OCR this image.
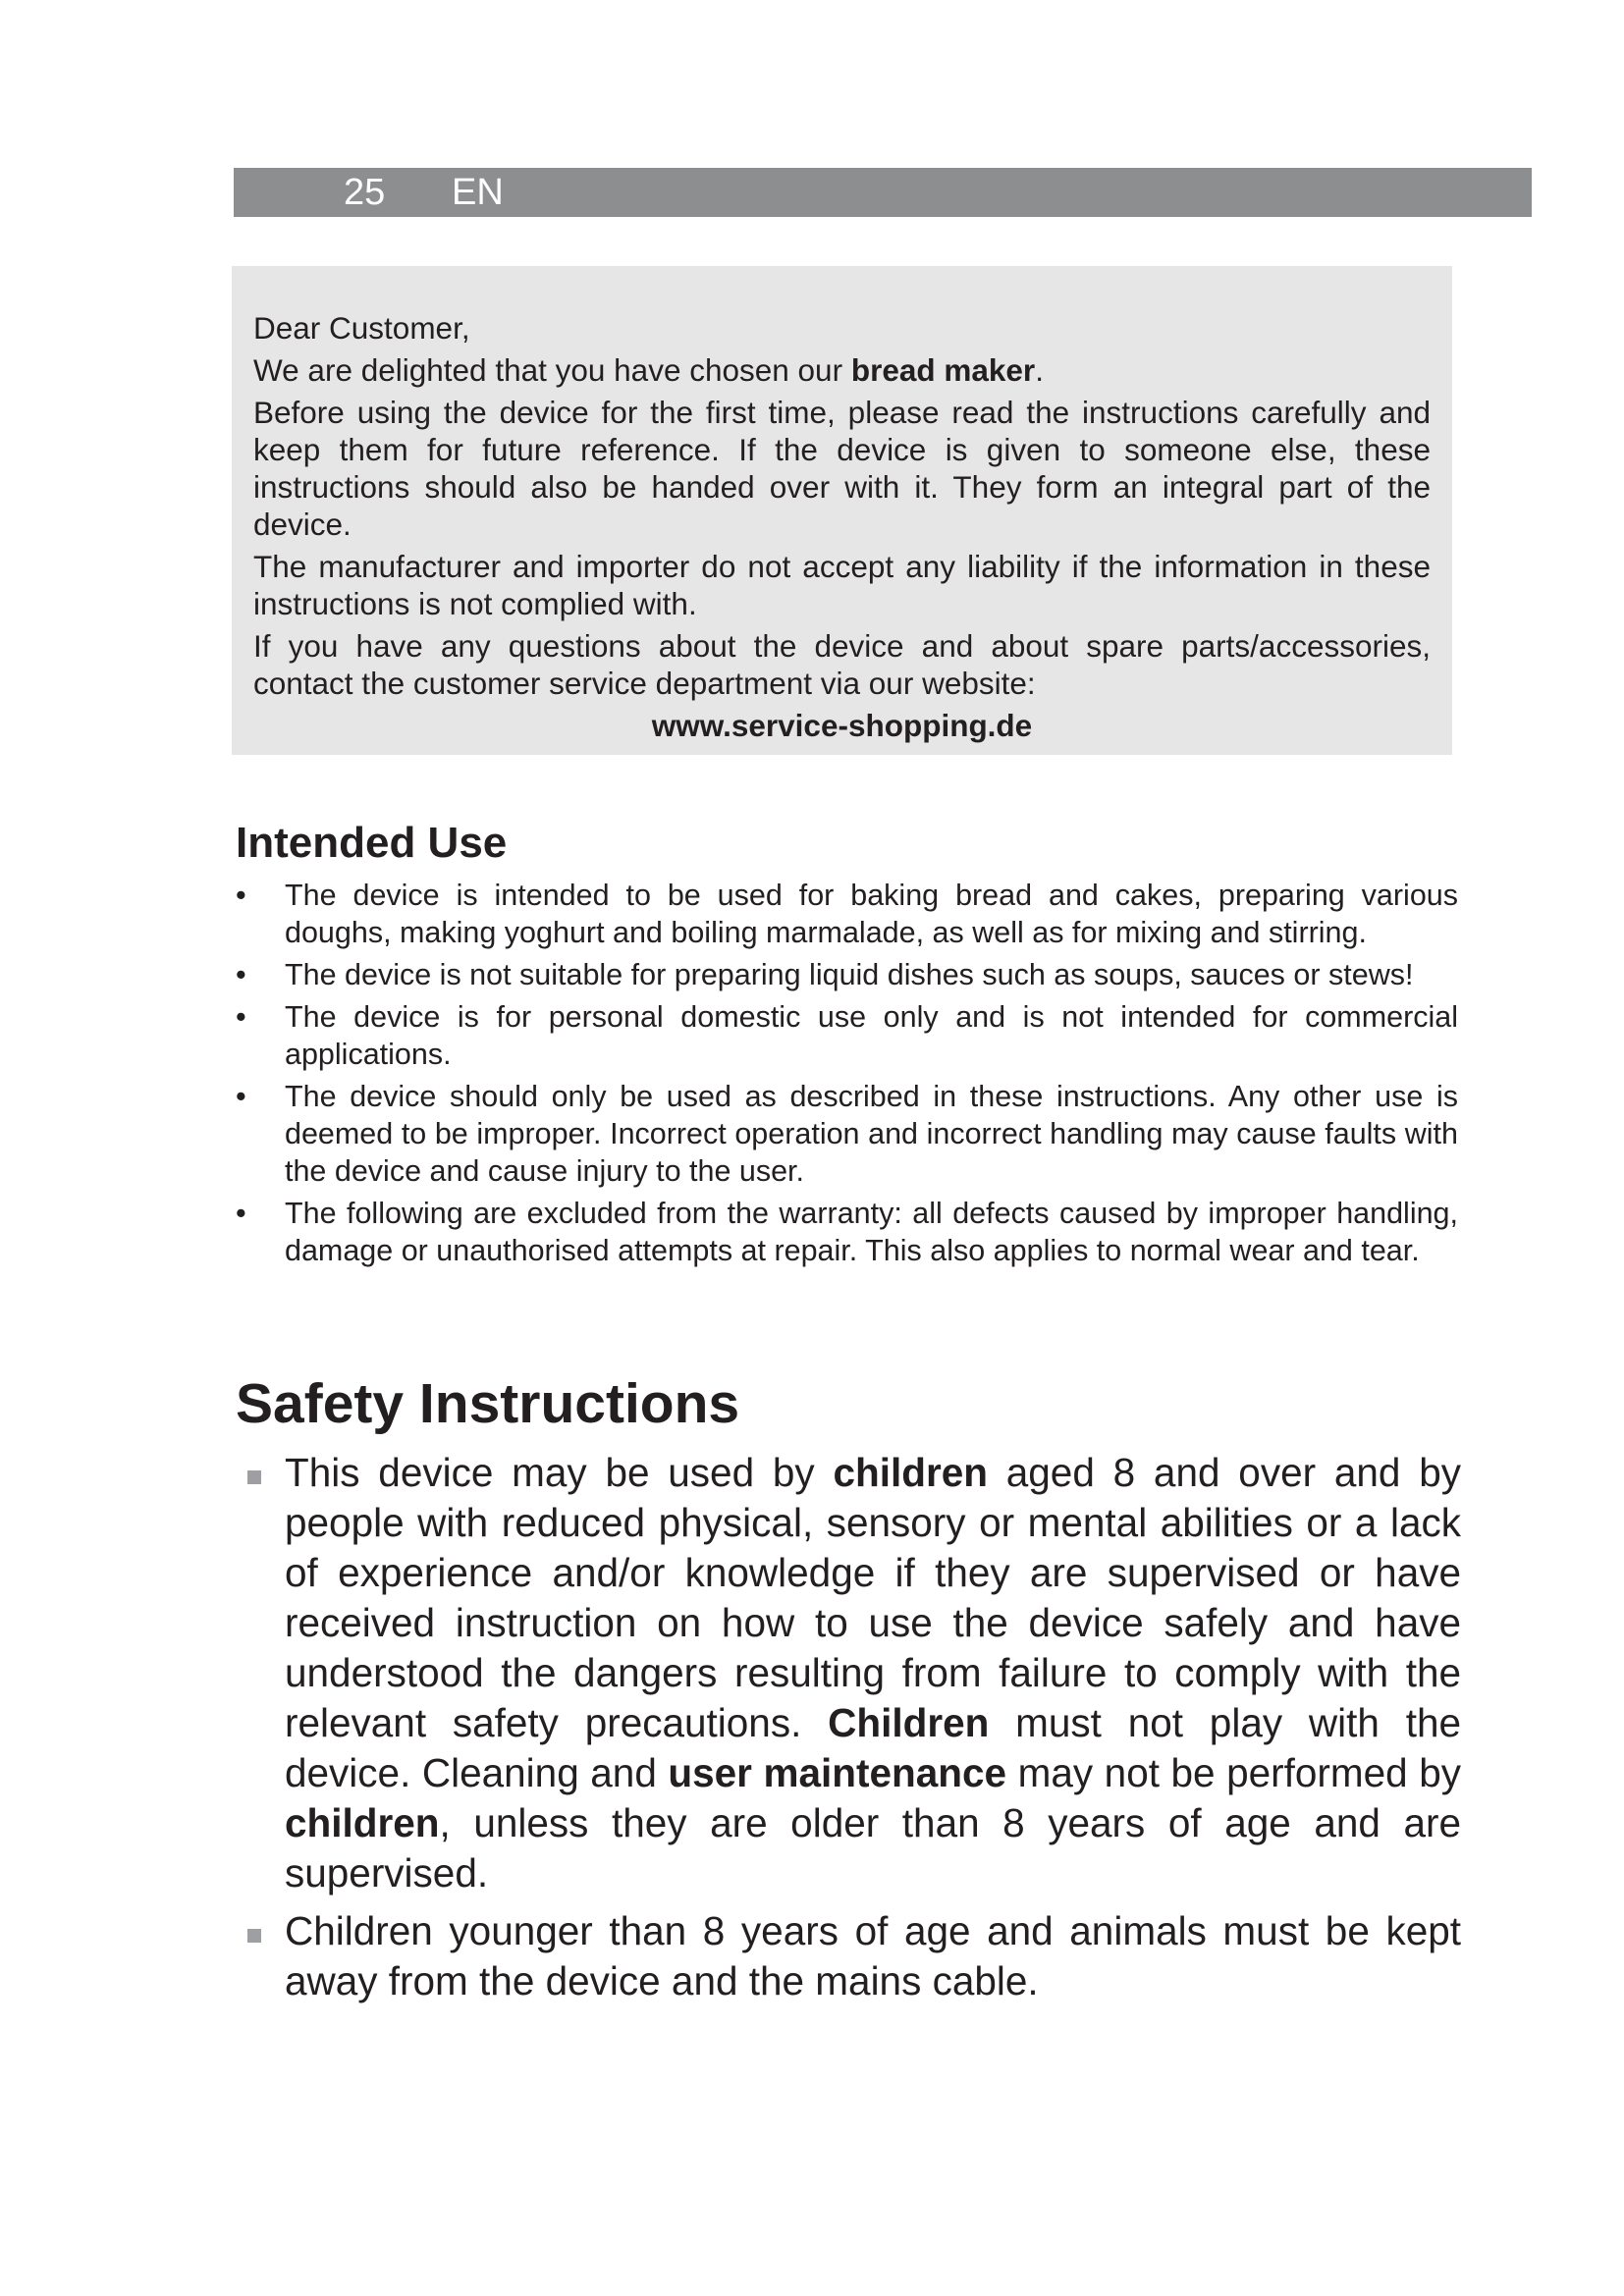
25 EN

Dear Customer,

We are delighted that you have chosen our bread maker.

Before using the device for the first time, please read the instructions carefully and keep them for future reference. If the device is given to someone else, these instructions should also be handed over with it. They form an integral part of the device.

The manufacturer and importer do not accept any liability if the information in these instructions is not complied with.

If you have any questions about the device and about spare parts/accessories, contact the customer service department via our website:

www.service-shopping.de

Intended Use
• The device is intended to be used for baking bread and cakes, preparing various doughs, making yoghurt and boiling marmalade, as well as for mixing and stirring.
• The device is not suitable for preparing liquid dishes such as soups, sauces or stews!
• The device is for personal domestic use only and is not intended for commercial applications.
• The device should only be used as described in these instructions. Any other use is deemed to be improper. Incorrect operation and incorrect handling may cause faults with the device and cause injury to the user.
• The following are excluded from the warranty: all defects caused by improper handling, damage or unauthorised attempts at repair. This also applies to normal wear and tear.
Safety Instructions
This device may be used by children aged 8 and over and by people with reduced physical, sensory or mental abilities or a lack of experience and/or knowledge if they are supervised or have received instruction on how to use the device safely and have understood the dangers resulting from failure to comply with the relevant safety precautions. Children must not play with the device. Cleaning and user maintenance may not be performed by children, unless they are older than 8 years of age and are supervised.
Children younger than 8 years of age and animals must be kept away from the device and the mains cable.
